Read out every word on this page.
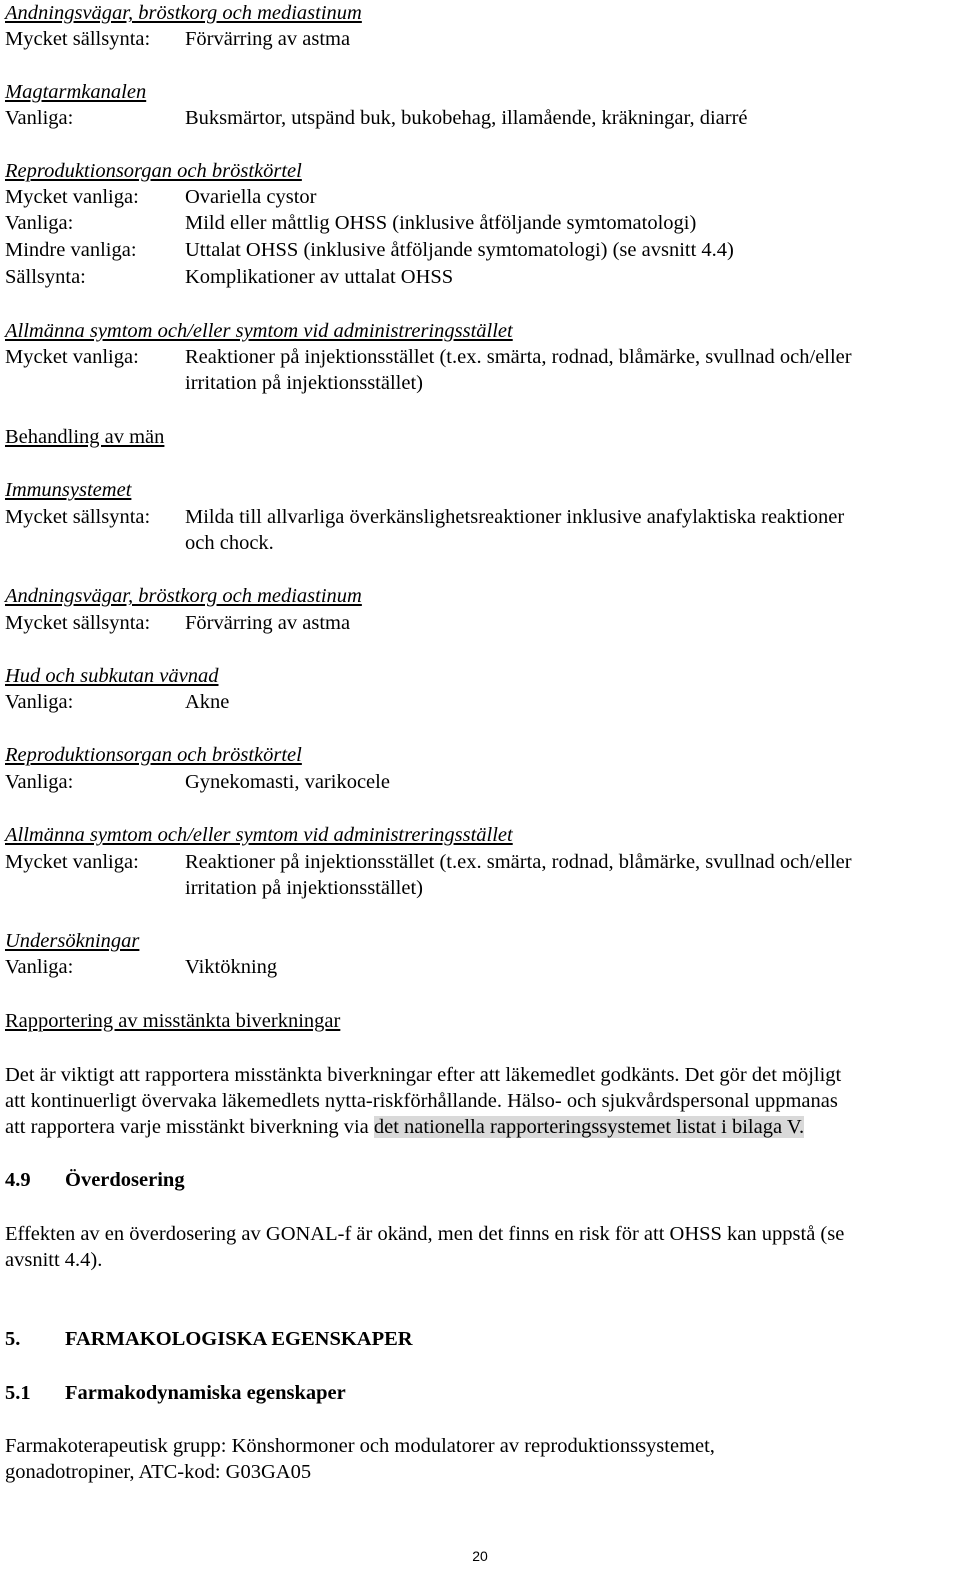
Andningsvägar, bröstkorg och mediastinum
Mycket sällsynta: Förvärring av astma
Magtarmkanalen
Vanliga:	Buksmärtor, utspänd buk, bukobehag, illamående, kräkningar, diarré
Reproduktionsorgan och bröstkörtel
Mycket vanliga: Ovariella cystor
Vanliga:	Mild eller måttlig OHSS (inklusive åtföljande symtomatologi)
Mindre vanliga: Uttalat OHSS (inklusive åtföljande symtomatologi) (se avsnitt 4.4)
Sällsynta:	Komplikationer av uttalat OHSS
Allmänna symtom och/eller symtom vid administreringsstället
Mycket vanliga: Reaktioner på injektionsstället (t.ex. smärta, rodnad, blåmärke, svullnad och/eller
irritation på injektionsstället)
Behandling av män
Immunsystemet
Mycket sällsynta: Milda till allvarliga överkänslighetsreaktioner inklusive anafylaktiska reaktioner
och chock.
Andningsvägar, bröstkorg och mediastinum
Mycket sällsynta: Förvärring av astma
Hud och subkutan vävnad
Vanliga:	Akne
Reproduktionsorgan och bröstkörtel
Vanliga:	Gynekomasti, varikocele
Allmänna symtom och/eller symtom vid administreringsstället
Mycket vanliga: Reaktioner på injektionsstället (t.ex. smärta, rodnad, blåmärke, svullnad och/eller
irritation på injektionsstället)
Undersökningar
Vanliga:	Viktökning
Rapportering av misstänkta biverkningar
Det är viktigt att rapportera misstänkta biverkningar efter att läkemedlet godkänts. Det gör det möjligt
att kontinuerligt övervaka läkemedlets nytta-riskförhållande. Hälso- och sjukvårdspersonal uppmanas
att rapportera varje misstänkt biverkning via det nationella rapporteringssystemet listat i bilaga V.
4.9 Överdosering
Effekten av en överdosering av GONAL-f är okänd, men det finns en risk för att OHSS kan uppstå (se
avsnitt 4.4).
5. FARMAKOLOGISKA EGENSKAPER
5.1 Farmakodynamiska egenskaper
Farmakoterapeutisk grupp: Könshormoner och modulatorer av reproduktionssystemet,
gonadotropiner, ATC-kod: G03GA05
20
